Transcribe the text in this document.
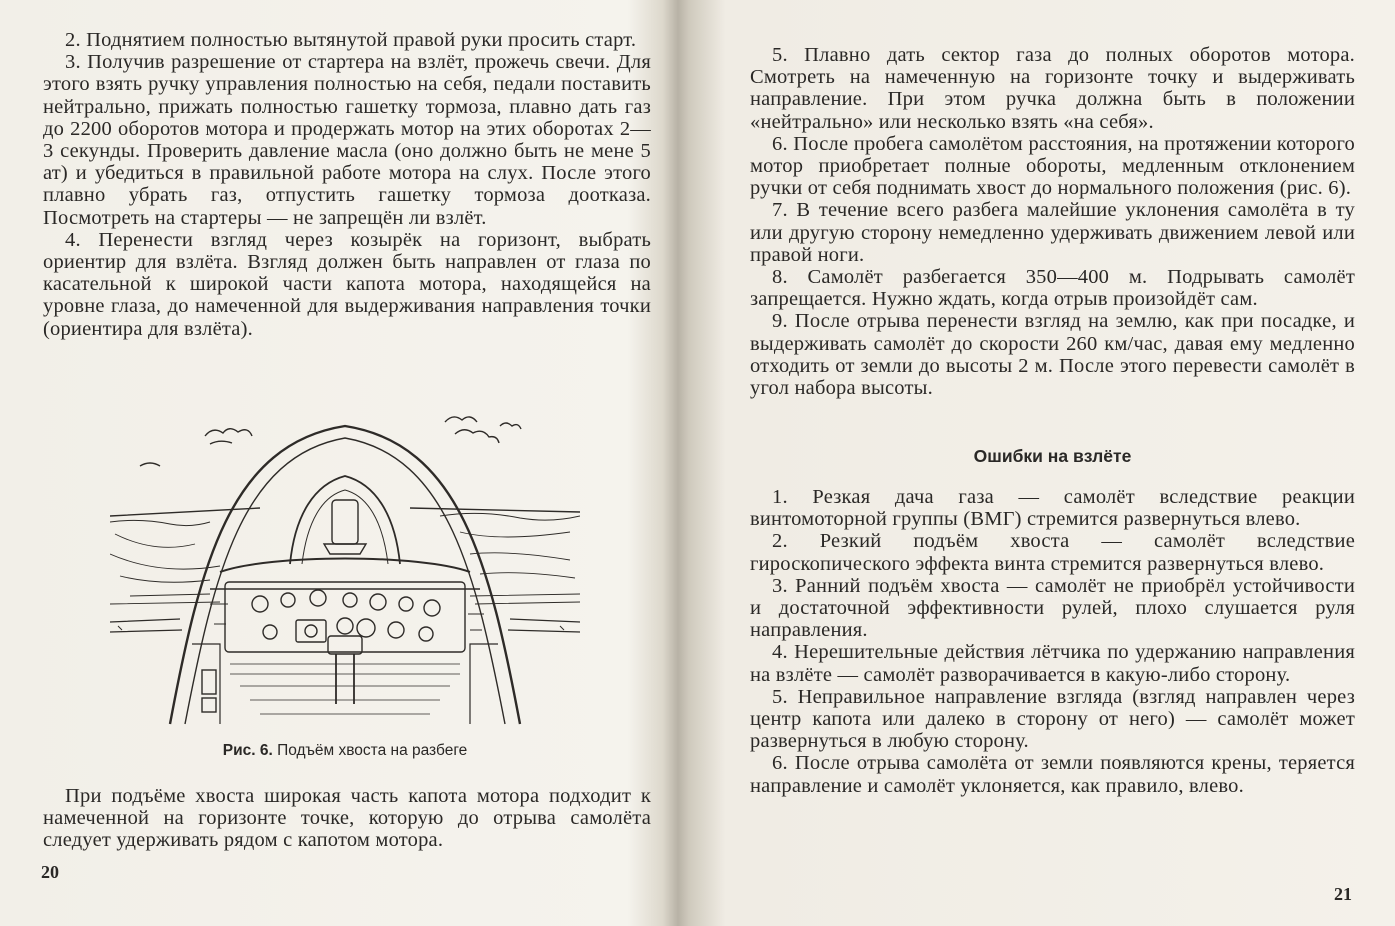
2. Поднятием полностью вытянутой правой руки просить старт.

3. Получив разрешение от стартера на взлёт, прожечь свечи. Для этого взять ручку управления полностью на себя, педали поставить нейтрально, прижать полностью гашетку тормоза, плавно дать газ до 2200 оборотов мотора и продержать мотор на этих оборотах 2—3 секунды. Проверить давление масла (оно должно быть не мене 5 ат) и убедиться в правильной работе мотора на слух. После этого плавно убрать газ, отпустить гашетку тормоза доотказа. Посмотреть на стартеры — не запрещён ли взлёт.

4. Перенести взгляд через козырёк на горизонт, выбрать ориентир для взлёта. Взгляд должен быть направлен от глаза по касательной к широкой части капота мотора, находящейся на уровне глаза, до намеченной для выдерживания направления точки (ориентира для взлёта).

Рис. 6. Подъём хвоста на разбеге

При подъёме хвоста широкая часть капота мотора подходит к намеченной на горизонте точке, которую до отрыва самолёта следует удерживать рядом с капотом мотора.

20

5. Плавно дать сектор газа до полных оборотов мотора. Смотреть на намеченную на горизонте точку и выдерживать направление. При этом ручка должна быть в положении «нейтрально» или несколько взять «на себя».

6. После пробега самолётом расстояния, на протяжении которого мотор приобретает полные обороты, медленным отклонением ручки от себя поднимать хвост до нормального положения (рис. 6).

7. В течение всего разбега малейшие уклонения самолёта в ту или другую сторону немедленно удерживать движением левой или правой ноги.

8. Самолёт разбегается 350—400 м. Подрывать самолёт запрещается. Нужно ждать, когда отрыв произойдёт сам.

9. После отрыва перенести взгляд на землю, как при посадке, и выдерживать самолёт до скорости 260 км/час, давая ему медленно отходить от земли до высоты 2 м. После этого перевести самолёт в угол набора высоты.

Ошибки на взлёте

1. Резкая дача газа — самолёт вследствие реакции винтомоторной группы (ВМГ) стремится развернуться влево.

2. Резкий подъём хвоста — самолёт вследствие гироскопического эффекта винта стремится развернуться влево.

3. Ранний подъём хвоста — самолёт не приобрёл устойчивости и достаточной эффективности рулей, плохо слушается руля направления.

4. Нерешительные действия лётчика по удержанию направления на взлёте — самолёт разворачивается в какую-либо сторону.

5. Неправильное направление взгляда (взгляд направлен через центр капота или далеко в сторону от него) — самолёт может развернуться в любую сторону.

6. После отрыва самолёта от земли появляются крены, теряется направление и самолёт уклоняется, как правило, влево.

21
